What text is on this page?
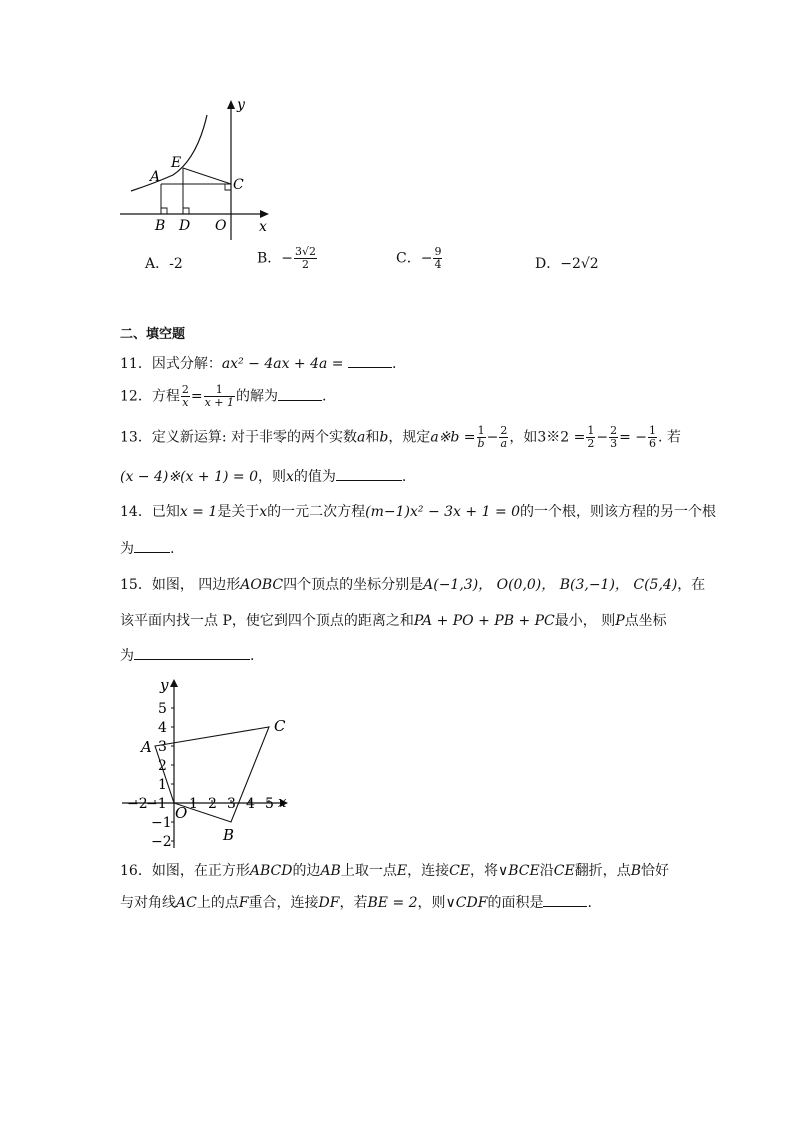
y
x
E
A	C
B D O
A．-2	B．− $\frac{3√2}{2}$	C．− $\frac{9}{4}$	D．−2√2
二、填空题
11．因式分解：ax² − 4ax + 4a =	.
12．方程 $\frac{2}{x} = \frac{1}{x + 1}$ 的解为	.
13．定义新运算: 对于非零的两个实数a和b，规定a※b = $\frac{1}{b} - \frac{2}{a}$ ，如3※2 = $\frac{1}{2} - \frac{2}{3}$ = − $\frac{1}{6}$ . 若
(x − 4)※(x + 1) = 0，则x的值为	.
14．已知x = 1是关于x的一元二次方程(m−1)x² − 3x + 1 = 0的一个根，则该方程的另一个根
为	.
15．如图， 四边形AOBC四个顶点的坐标分别是A(−1,3)， O(0,0)， B(3,−1)， C(5,4)，在
该平面内找一点 P，使它到四个顶点的距离之和PA + PO + PB + PC最小， 则P点坐标
为	.
y
x
O
5
4
3
2
1
−1
−2
−2
−1 1 2 3 4 5
A
B
C
16．如图，在正方形ABCD的边AB上取一点E，连接CE，将∨BCE沿CE翻折，点B恰好
与对角线AC上的点F重合，连接DF，若BE = 2，则∨CDF的面积是	.
